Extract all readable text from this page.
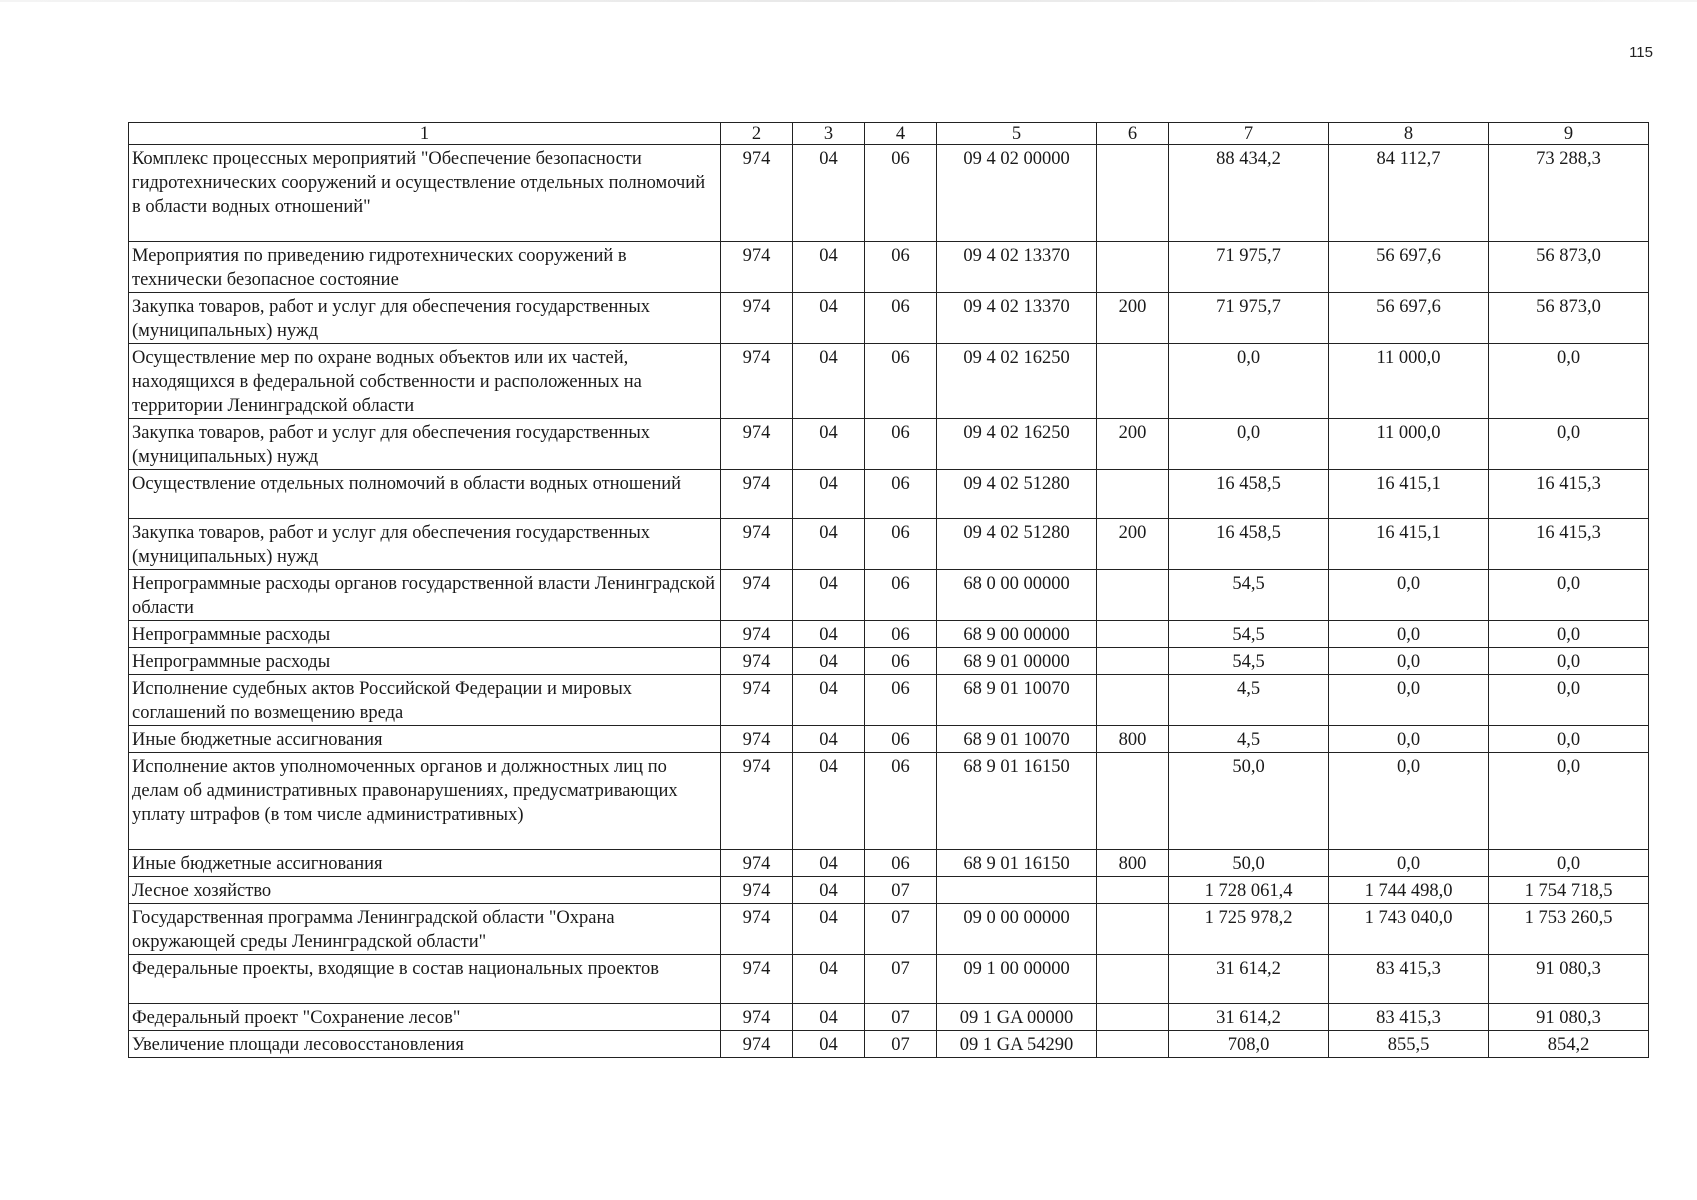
115
1	2	3	4	5	6	7	8	9
Комплекс процессных мероприятий "Обеспечение безопасности гидротехнических сооружений и осуществление отдельных полномочий в области водных отношений"	974	04	06	09 4 02 00000		88 434,2	84 112,7	73 288,3
Мероприятия по приведению гидротехнических сооружений в технически безопасное состояние	974	04	06	09 4 02 13370		71 975,7	56 697,6	56 873,0
Закупка товаров, работ и услуг для обеспечения государственных (муниципальных) нужд	974	04	06	09 4 02 13370	200	71 975,7	56 697,6	56 873,0
Осуществление мер по охране водных объектов или их частей, находящихся в федеральной собственности и расположенных на территории Ленинградской области	974	04	06	09 4 02 16250		0,0	11 000,0	0,0
Закупка товаров, работ и услуг для обеспечения государственных (муниципальных) нужд	974	04	06	09 4 02 16250	200	0,0	11 000,0	0,0
Осуществление отдельных полномочий в области водных отношений	974	04	06	09 4 02 51280		16 458,5	16 415,1	16 415,3
Закупка товаров, работ и услуг для обеспечения государственных (муниципальных) нужд	974	04	06	09 4 02 51280	200	16 458,5	16 415,1	16 415,3
Непрограммные расходы органов государственной власти Ленинградской области	974	04	06	68 0 00 00000		54,5	0,0	0,0
Непрограммные расходы	974	04	06	68 9 00 00000		54,5	0,0	0,0
Непрограммные расходы	974	04	06	68 9 01 00000		54,5	0,0	0,0
Исполнение судебных актов Российской Федерации и мировых соглашений по возмещению вреда	974	04	06	68 9 01 10070		4,5	0,0	0,0
Иные бюджетные ассигнования	974	04	06	68 9 01 10070	800	4,5	0,0	0,0
Исполнение актов уполномоченных органов и должностных лиц по делам об административных правонарушениях, предусматривающих уплату штрафов (в том числе административных)	974	04	06	68 9 01 16150		50,0	0,0	0,0
Иные бюджетные ассигнования	974	04	06	68 9 01 16150	800	50,0	0,0	0,0
Лесное хозяйство	974	04	07			1 728 061,4	1 744 498,0	1 754 718,5
Государственная программа Ленинградской области "Охрана окружающей среды Ленинградской области"	974	04	07	09 0 00 00000		1 725 978,2	1 743 040,0	1 753 260,5
Федеральные проекты, входящие в состав национальных проектов	974	04	07	09 1 00 00000		31 614,2	83 415,3	91 080,3
Федеральный проект "Сохранение лесов"	974	04	07	09 1 GA 00000		31 614,2	83 415,3	91 080,3
Увеличение площади лесовосстановления	974	04	07	09 1 GA 54290		708,0	855,5	854,2
